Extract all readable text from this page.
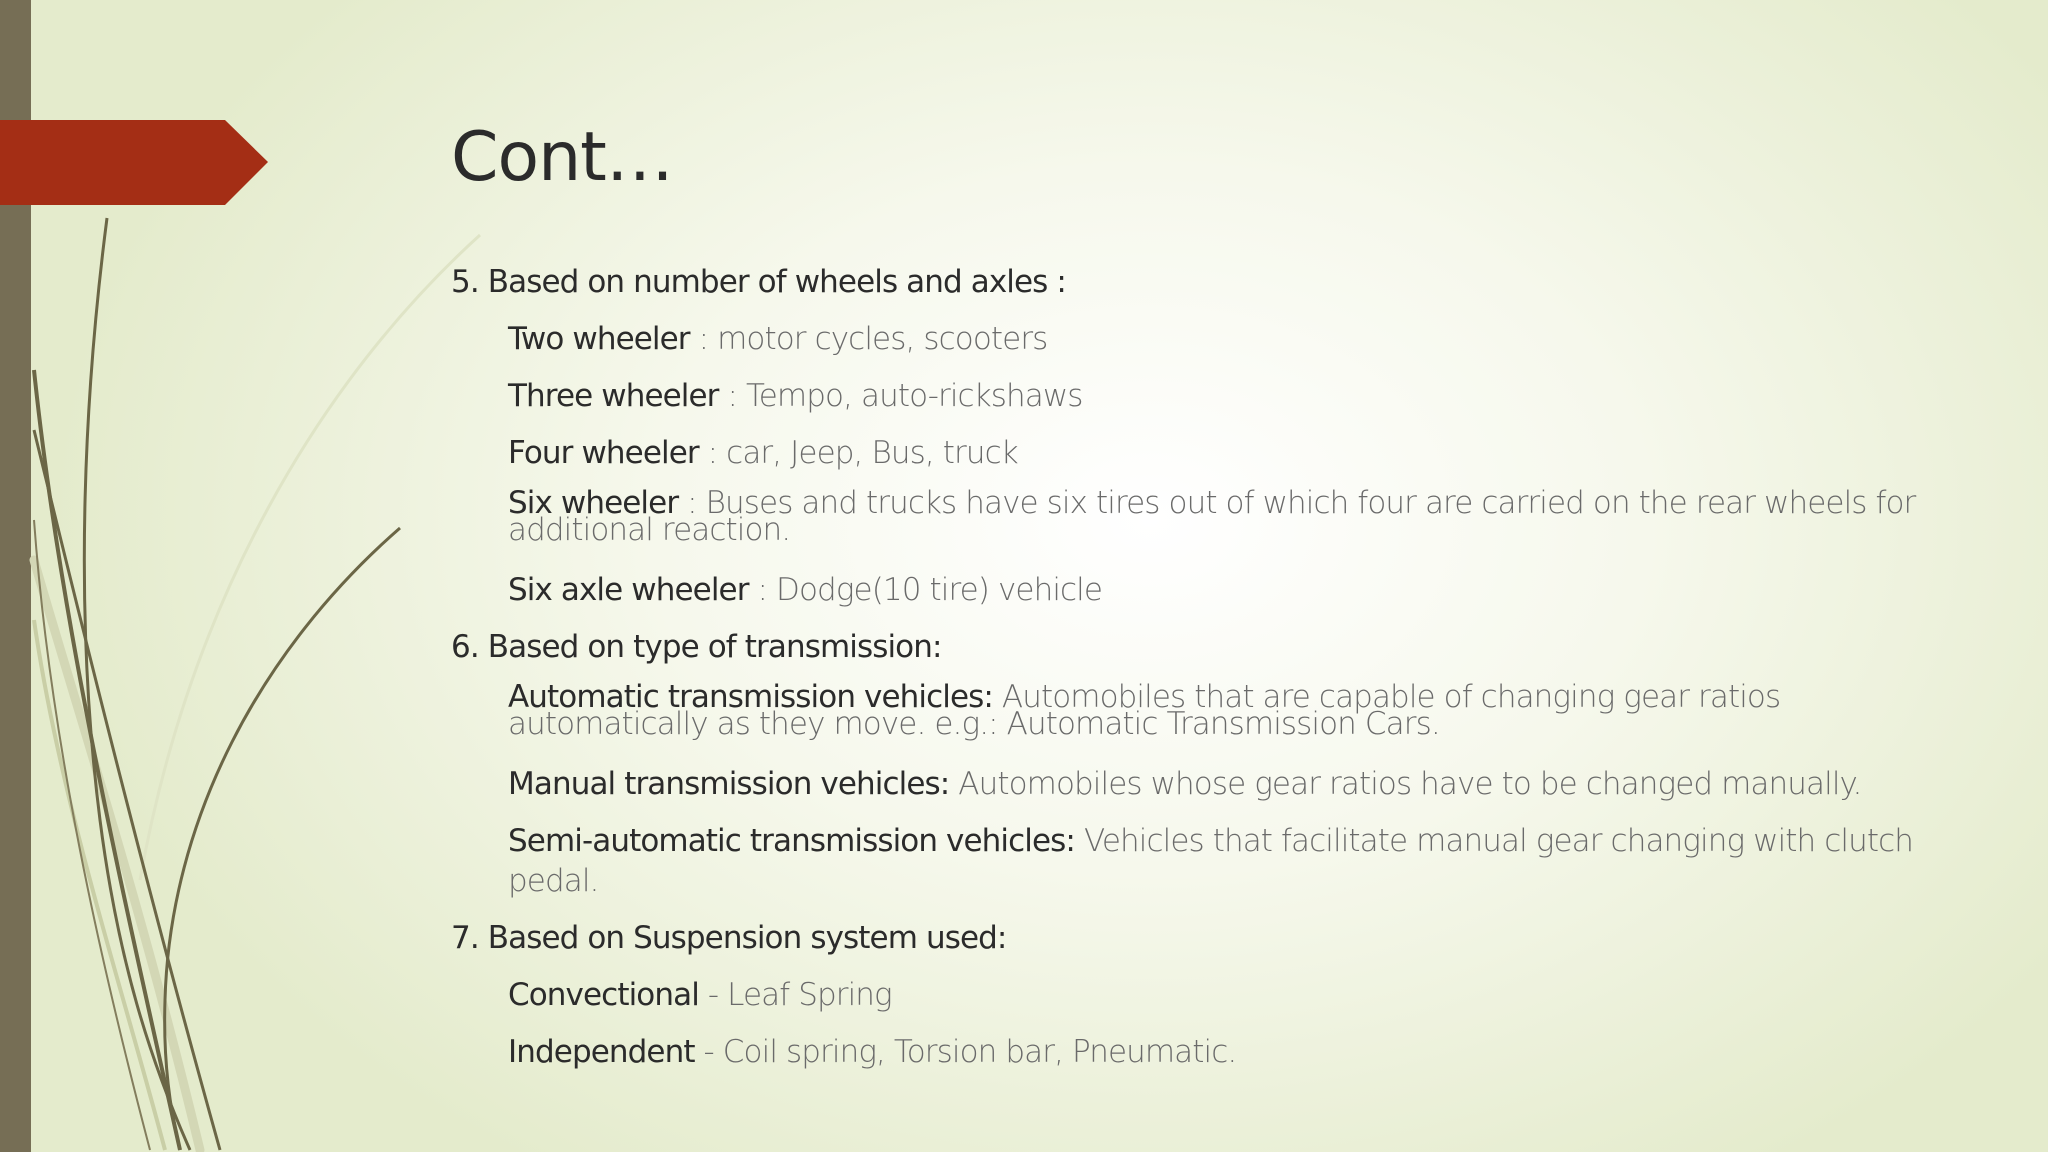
Cont…
5. Based on number of wheels and axles :
Two wheeler : motor cycles, scooters
Three wheeler : Tempo, auto-rickshaws
Four wheeler : car, Jeep, Bus, truck
Six wheeler : Buses and trucks have six tires out of which four are carried on the rear wheels for additional reaction.
Six axle wheeler : Dodge(10 tire) vehicle
6. Based on type of transmission:
Automatic transmission vehicles: Automobiles that are capable of changing gear ratios automatically as they move. e.g.: Automatic Transmission Cars.
Manual transmission vehicles: Automobiles whose gear ratios have to be changed manually.
Semi-automatic transmission vehicles: Vehicles that facilitate manual gear changing with clutch pedal.
7. Based on Suspension system used:
Convectional - Leaf Spring
Independent - Coil spring, Torsion bar, Pneumatic.
